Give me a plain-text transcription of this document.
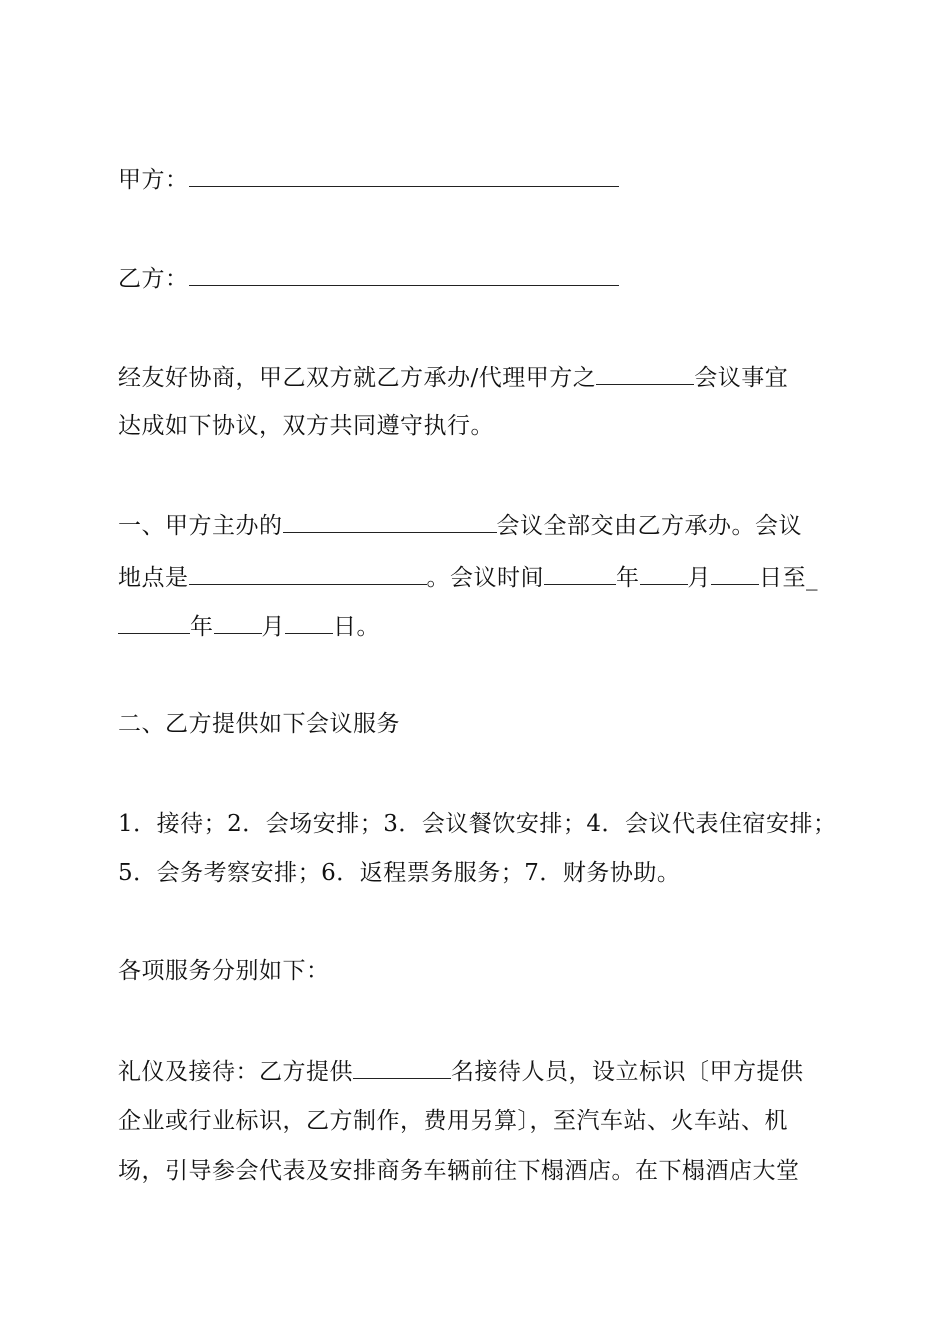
甲方：

乙方：

经友好协商，甲乙双方就乙方承办/代理甲方之	会议事宜

达成如下协议，双方共同遵守执行。

一、甲方主办的	会议全部交由乙方承办。会议

地点是	。会议时间	年 月 日至_

年 月 日。

二、乙方提供如下会议服务

1．接待；2．会场安排；3．会议餐饮安排；4．会议代表住宿安排；

5．会务考察安排；6．返程票务服务；7．财务协助。

各项服务分别如下：

礼仪及接待：乙方提供	名接待人员，设立标识〔甲方提供

企业或行业标识，乙方制作，费用另算〕，至汽车站、火车站、机

场，引导参会代表及安排商务车辆前往下榻酒店。在下榻酒店大堂
